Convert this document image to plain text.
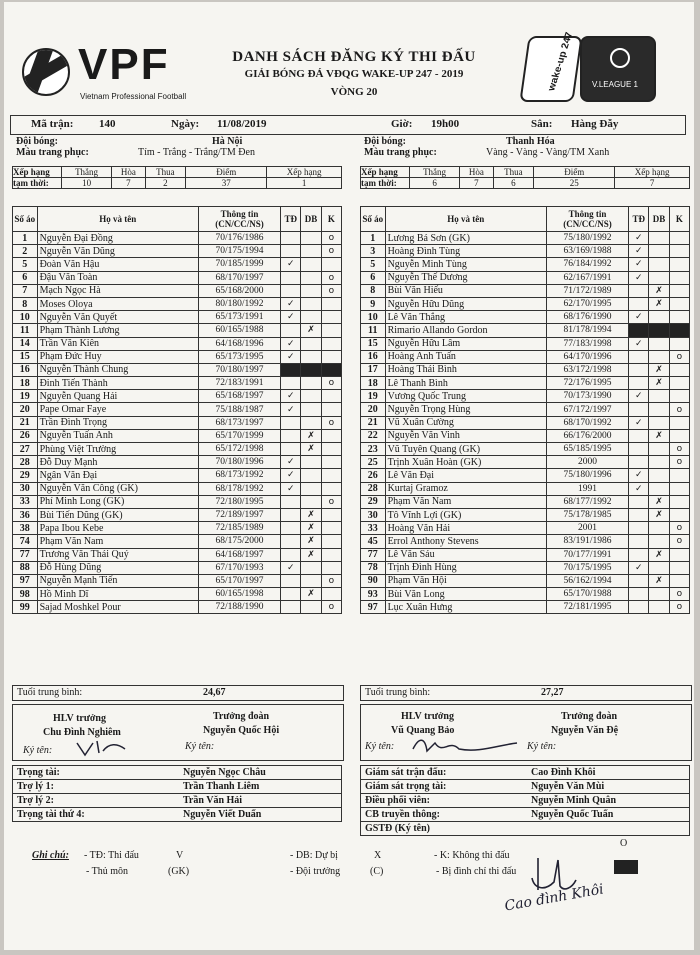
VPF
Vietnam Professional Football
DANH SÁCH ĐĂNG KÝ THI ĐẤU
GIẢI BÓNG ĐÁ VĐQG WAKE-UP 247 - 2019
VÒNG 20
wake-up 247 V.LEAGUE 1
Mã trận: 140	Ngày: 11/08/2019	Giờ: 19h00	Sân: Hàng Đẫy
Đội bóng:	Hà Nội
Màu trang phục:	Tím - Trắng - Trắng/TM Đen
Xếp hạng	Thắng	Hòa	Thua	Điểm	Xếp hạng
tạm thời:	10	7	2	37	1
Số áo	Họ và tên	Thông tin (CN/CC/NS)	TĐ	DB	K
1	Nguyễn Đại Đồng	70/176/1986			o
2	Nguyễn Văn Dũng	70/175/1994			o
5	Đoàn Văn Hậu	70/185/1999	✓		
6	Đậu Văn Toàn	68/170/1997			o
7	Mạch Ngọc Hà	65/168/2000			o
8	Moses Oloya	80/180/1992	✓		
10	Nguyễn Văn Quyết	65/173/1991	✓		
11	Phạm Thành Lương	60/165/1988		✗	
14	Trần Văn Kiên	64/168/1996	✓		
15	Phạm Đức Huy	65/173/1995	✓		
16	Nguyễn Thành Chung	70/180/1997			
18	Đinh Tiến Thành	72/183/1991			o
19	Nguyễn Quang Hải	65/168/1997	✓		
20	Pape Omar Faye	75/188/1987	✓		
21	Trần Đình Trọng	68/173/1997			o
26	Nguyễn Tuấn Anh	65/170/1999		✗	
27	Phùng Việt Trường	65/172/1998		✗	
28	Đỗ Duy Mạnh	70/180/1996	✓		
29	Ngân Văn Đại	68/173/1992	✓		
30	Nguyễn Văn Công (GK)	68/178/1992	✓		
33	Phí Minh Long (GK)	72/180/1995			o
36	Bùi Tiến Dũng (GK)	72/189/1997		✗	
38	Papa Ibou Kebe	72/185/1989		✗	
74	Phạm Văn Nam	68/175/2000		✗	
77	Trương Văn Thái Quý	64/168/1997		✗	
88	Đỗ Hùng Dũng	67/170/1993	✓		
97	Nguyễn Mạnh Tiến	65/170/1997			o
98	Hồ Minh Dĩ	60/165/1998		✗	
99	Sajad Moshkel Pour	72/188/1990			o
Tuổi trung bình:	24,67
HLV trưởng
Chu Đình Nghiêm
Ký tên:
Trưởng đoàn
Nguyễn Quốc Hội
Ký tên:
Trọng tài:	Nguyễn Ngọc Châu
Trợ lý 1:	Trần Thanh Liêm
Trợ lý 2:	Trần Văn Hải
Trọng tài thứ 4:	Nguyễn Viết Duẩn
Đội bóng:	Thanh Hóa
Màu trang phục:	Vàng - Vàng - Vàng/TM Xanh
Xếp hạng	Thắng	Hòa	Thua	Điểm	Xếp hạng
tạm thời:	6	7	6	25	7
Số áo	Họ và tên	Thông tin (CN/CC/NS)	TĐ	DB	K
1	Lương Bá Sơn (GK)	75/180/1992	✓		
3	Hoàng Đình Tùng	63/169/1988	✓		
5	Nguyễn Minh Tùng	76/184/1992	✓		
6	Nguyễn Thế Dương	62/167/1991	✓		
8	Bùi Văn Hiếu	71/172/1989		✗	
9	Nguyễn Hữu Dũng	62/170/1995		✗	
10	Lê Văn Thắng	68/176/1990	✓		
11	Rimario Allando Gordon	81/178/1994			
15	Nguyễn Hữu Lâm	77/183/1998	✓		
16	Hoàng Anh Tuấn	64/170/1996			o
17	Hoàng Thái Bình	63/172/1998		✗	
18	Lê Thanh Bình	72/176/1995		✗	
19	Vương Quốc Trung	70/173/1990	✓		
20	Nguyễn Trọng Hùng	67/172/1997			o
21	Vũ Xuân Cường	68/170/1992	✓		
22	Nguyễn Văn Vinh	66/176/2000		✗	
23	Vũ Tuyên Quang (GK)	65/185/1995			o
25	Trịnh Xuân Hoàn (GK)	2000			o
26	Lê Văn Đại	75/180/1996	✓		
28	Kurtaj Gramoz	1991	✓		
29	Phạm Văn Nam	68/177/1992		✗	
30	Tô Vĩnh Lợi (GK)	75/178/1985		✗	
33	Hoàng Văn Hải	2001			o
45	Errol Anthony Stevens	83/191/1986			o
77	Lê Văn Sáu	70/177/1991		✗	
78	Trịnh Đình Hùng	70/175/1995	✓		
90	Phạm Văn Hội	56/162/1994		✗	
93	Bùi Văn Long	65/170/1988			o
97	Lục Xuân Hưng	72/181/1995			o
Tuổi trung bình:	27,27
HLV trưởng
Vũ Quang Bảo
Ký tên:
Trưởng đoàn
Nguyễn Văn Đệ
Ký tên:
Giám sát trận đấu:	Cao Đình Khôi
Giám sát trọng tài:	Nguyễn Văn Mùi
Điều phối viên:	Nguyễn Minh Quân
CB truyền thông:	Nguyễn Quốc Tuấn
GSTĐ (Ký tên)
Ghi chú: - TĐ: Thi đấu	V
- Thủ môn	(GK)
- DB: Dự bị	X
- Đội trưởng	(C)
- K: Không thi đấu
O
- Bị đình chỉ thi đấu
Cao đình Khôi
